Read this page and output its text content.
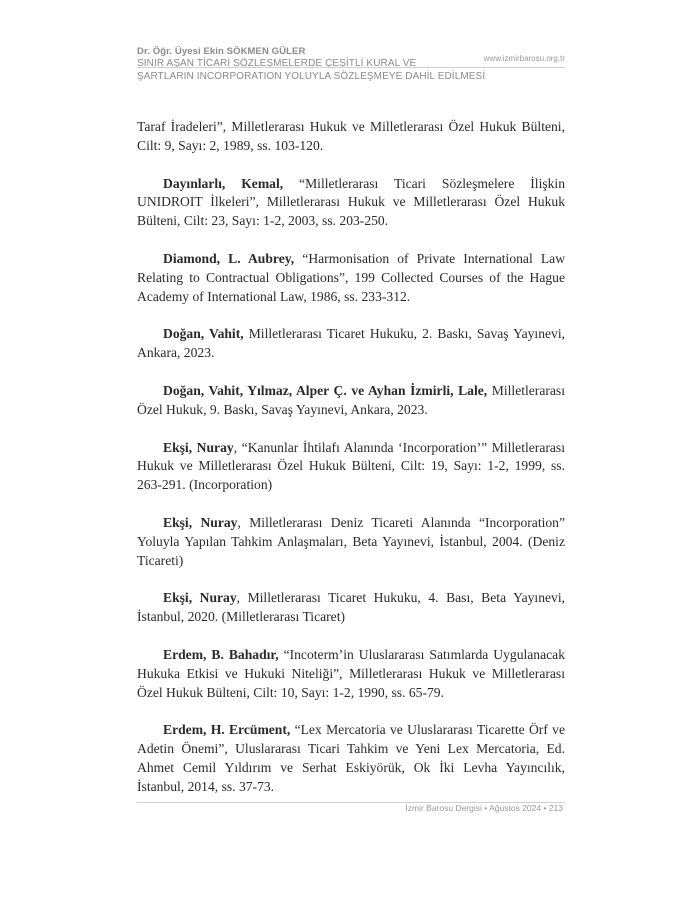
Dr. Öğr. Üyesi Ekin SÖKMEN GÜLER
www.izmirbarosu.org.tr
SINIR AŞAN TİCARİ SÖZLEŞMELERDE ÇEŞİTLİ KURAL VE
ŞARTLARIN INCORPORATION YOLUYLA SÖZLEŞMEYE DAHİL EDİLMESİ

Taraf İradeleri”, Milletlerarası Hukuk ve Milletlerarası Özel Hukuk Bülteni, Cilt: 9, Sayı: 2, 1989, ss. 103-120.

Dayınlarlı, Kemal, “Milletlerarası Ticari Sözleşmelere İlişkin UNIDROIT İlkeleri”, Milletlerarası Hukuk ve Milletlerarası Özel Hukuk Bülteni, Cilt: 23, Sayı: 1-2, 2003, ss. 203-250.

Diamond, L. Aubrey, “Harmonisation of Private International Law Relating to Contractual Obligations”, 199 Collected Courses of the Hague Academy of International Law, 1986, ss. 233-312.

Doğan, Vahit, Milletlerarası Ticaret Hukuku, 2. Baskı, Savaş Yayınevi, Ankara, 2023.

Doğan, Vahit, Yılmaz, Alper Ç. ve Ayhan İzmirli, Lale, Milletlerarası Özel Hukuk, 9. Baskı, Savaş Yayınevi, Ankara, 2023.

Ekşi, Nuray, “Kanunlar İhtilafı Alanında ‘Incorporation’” Milletlerarası Hukuk ve Milletlerarası Özel Hukuk Bülteni, Cilt: 19, Sayı: 1-2, 1999, ss. 263-291. (Incorporation)

Ekşi, Nuray, Milletlerarası Deniz Ticareti Alanında “Incorporation” Yoluyla Yapılan Tahkim Anlaşmaları, Beta Yayınevi, İstanbul, 2004. (Deniz Ticareti)

Ekşi, Nuray, Milletlerarası Ticaret Hukuku, 4. Bası, Beta Yayınevi, İstanbul, 2020. (Milletlerarası Ticaret)

Erdem, B. Bahadır, “Incoterm’in Uluslararası Satımlarda Uygulanacak Hukuka Etkisi ve Hukuki Niteliği”, Milletlerarası Hukuk ve Milletlerarası Özel Hukuk Bülteni, Cilt: 10, Sayı: 1-2, 1990, ss. 65-79.

Erdem, H. Ercüment, “Lex Mercatoria ve Uluslararası Ticarette Örf ve Adetin Önemi”, Uluslararası Ticari Tahkim ve Yeni Lex Mercatoria, Ed. Ahmet Cemil Yıldırım ve Serhat Eskiyörük, Ok İki Levha Yayıncılık, İstanbul, 2014, ss. 37-73.

İzmir Barosu Dergisi • Ağustos 2024 • 213
